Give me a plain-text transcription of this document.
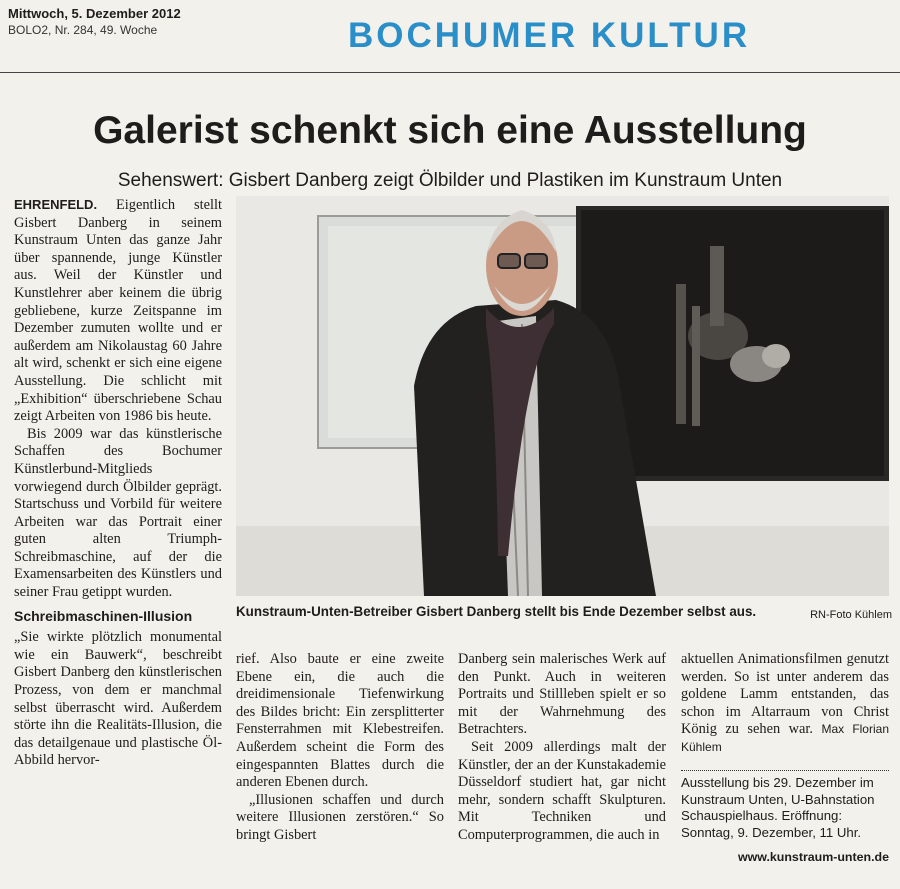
Mittwoch, 5. Dezember 2012
BOLO2, Nr. 284, 49. Woche	BOCHUMER KULTUR
Galerist schenkt sich eine Ausstellung
Sehenswert: Gisbert Danberg zeigt Ölbilder und Plastiken im Kunstraum Unten

EHRENFELD. Eigentlich stellt Gisbert Danberg in seinem Kunstraum Unten das ganze Jahr über spannende, junge Künstler aus. Weil der Künstler und Kunstlehrer aber keinem die übrig gebliebene, kurze Zeitspanne im Dezember zumuten wollte und er außerdem am Nikolaustag 60 Jahre alt wird, schenkt er sich eine eigene Ausstellung. Die schlicht mit „Exhibition“ überschriebene Schau zeigt Arbeiten von 1986 bis heute.

Bis 2009 war das künstlerische Schaffen des Bochumer Künstlerbund-Mitglieds vorwiegend durch Ölbilder geprägt. Startschuss und Vorbild für weitere Arbeiten war das Portrait einer guten alten Triumph-Schreibmaschine, auf der die Examensarbeiten des Künstlers und seiner Frau getippt wurden.

Schreibmaschinen-Illusion

„Sie wirkte plötzlich monumental wie ein Bauwerk“, beschreibt Gisbert Danberg den künstlerischen Prozess, von dem er manchmal selbst überrascht wird. Außerdem störte ihn die Realitäts-Illusion, die das detailgenaue und plastische Öl-Abbild hervor-

Kunstraum-Unten-Betreiber Gisbert Danberg stellt bis Ende Dezember selbst aus.	RN-Foto Kühlem

rief. Also baute er eine zweite Ebene ein, die auch die dreidimensionale Tiefenwirkung des Bildes bricht: Ein zersplitterter Fensterrahmen mit Klebestreifen. Außerdem scheint die Form des eingespannten Blattes durch die anderen Ebenen durch.

„Illusionen schaffen und durch weitere Illusionen zerstören.“ So bringt Gisbert

Danberg sein malerisches Werk auf den Punkt. Auch in weiteren Portraits und Stillleben spielt er so mit der Wahrnehmung des Betrachters.

Seit 2009 allerdings malt der Künstler, der an der Kunstakademie Düsseldorf studiert hat, gar nicht mehr, sondern schafft Skulpturen. Mit Techniken und Computerprogrammen, die auch in

aktuellen Animationsfilmen genutzt werden. So ist unter anderem das goldene Lamm entstanden, das schon im Altarraum von Christ König zu sehen war. Max Florian Kühlem

Ausstellung bis 29. Dezember im Kunstraum Unten, U-Bahnstation Schauspielhaus. Eröffnung: Sonntag, 9. Dezember, 11 Uhr.
www.kunstraum-unten.de
